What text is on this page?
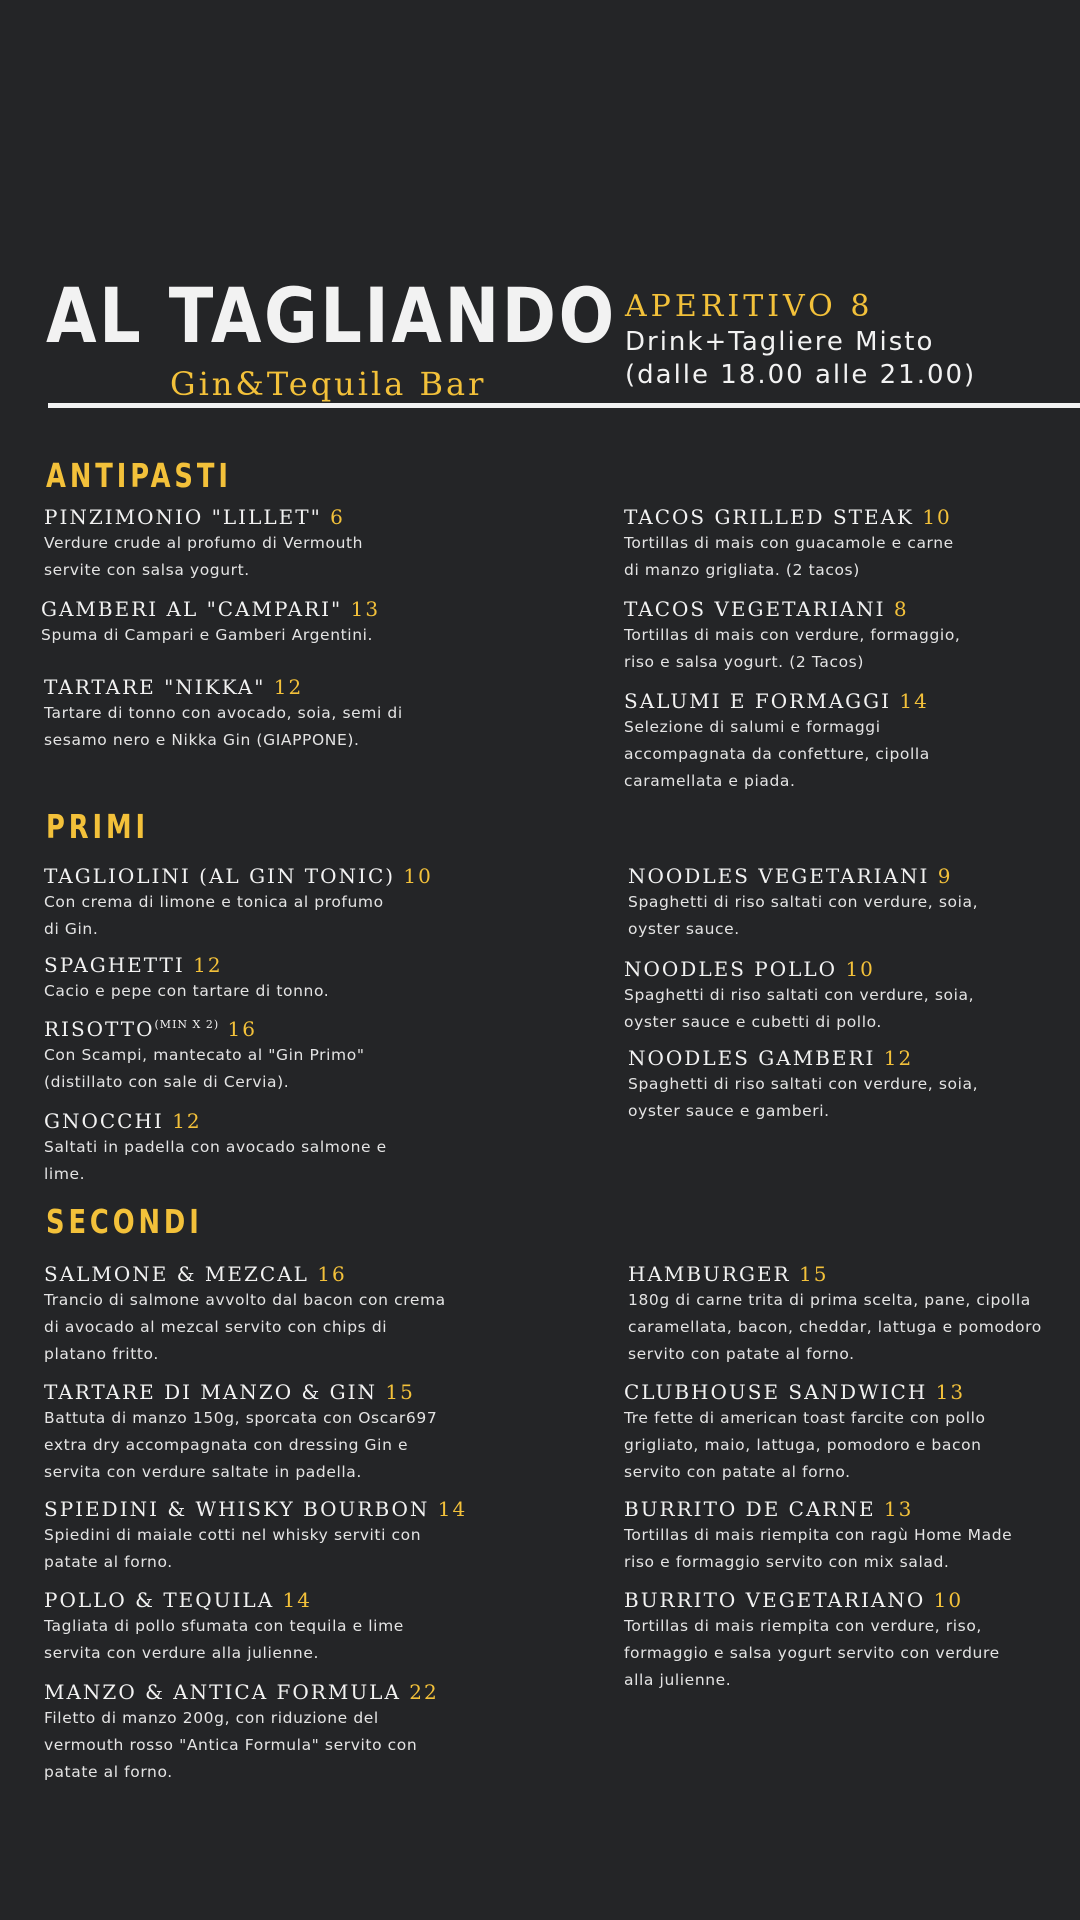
AL TAGLIANDO
Gin&Tequila Bar
APERITIVO 8
Drink+Tagliere Misto
(dalle 18.00 alle 21.00)
ANTIPASTI
PRIMI
SECONDI
PINZIMONIO "LILLET" 6
Verdure crude al profumo di Vermouth
servite con salsa yogurt.
GAMBERI AL "CAMPARI" 13
Spuma di Campari e Gamberi Argentini.
TARTARE "NIKKA" 12
Tartare di tonno con avocado, soia, semi di
sesamo nero e Nikka Gin (GIAPPONE).
TACOS GRILLED STEAK 10
Tortillas di mais con guacamole e carne
di manzo grigliata. (2 tacos)
TACOS VEGETARIANI 8
Tortillas di mais con verdure, formaggio,
riso e salsa yogurt. (2 Tacos)
SALUMI E FORMAGGI 14
Selezione di salumi e formaggi
accompagnata da confetture, cipolla
caramellata e piada.
TAGLIOLINI (AL GIN TONIC) 10
Con crema di limone e tonica al profumo
di Gin.
SPAGHETTI 12
Cacio e pepe con tartare di tonno.
$RISOTTO^{(MIN X 2)}$ 16
Con Scampi, mantecato al "Gin Primo"
(distillato con sale di Cervia).
GNOCCHI 12
Saltati in padella con avocado salmone e
lime.
NOODLES VEGETARIANI 9
Spaghetti di riso saltati con verdure, soia,
oyster sauce.
NOODLES POLLO 10
Spaghetti di riso saltati con verdure, soia,
oyster sauce e cubetti di pollo.
NOODLES GAMBERI 12
Spaghetti di riso saltati con verdure, soia,
oyster sauce e gamberi.
SALMONE & MEZCAL 16
Trancio di salmone avvolto dal bacon con crema
di avocado al mezcal servito con chips di
platano fritto.
TARTARE DI MANZO & GIN 15
Battuta di manzo 150g, sporcata con Oscar697
extra dry accompagnata con dressing Gin e
servita con verdure saltate in padella.
SPIEDINI & WHISKY BOURBON 14
Spiedini di maiale cotti nel whisky serviti con
patate al forno.
POLLO & TEQUILA 14
Tagliata di pollo sfumata con tequila e lime
servita con verdure alla julienne.
MANZO & ANTICA FORMULA 22
Filetto di manzo 200g, con riduzione del
vermouth rosso "Antica Formula" servito con
patate al forno.
HAMBURGER 15
180g di carne trita di prima scelta, pane, cipolla
caramellata, bacon, cheddar, lattuga e pomodoro
servito con patate al forno.
CLUBHOUSE SANDWICH 13
Tre fette di american toast farcite con pollo
grigliato, maio, lattuga, pomodoro e bacon
servito con patate al forno.
BURRITO DE CARNE 13
Tortillas di mais riempita con ragù Home Made
riso e formaggio servito con mix salad.
BURRITO VEGETARIANO 10
Tortillas di mais riempita con verdure, riso,
formaggio e salsa yogurt servito con verdure
alla julienne.
